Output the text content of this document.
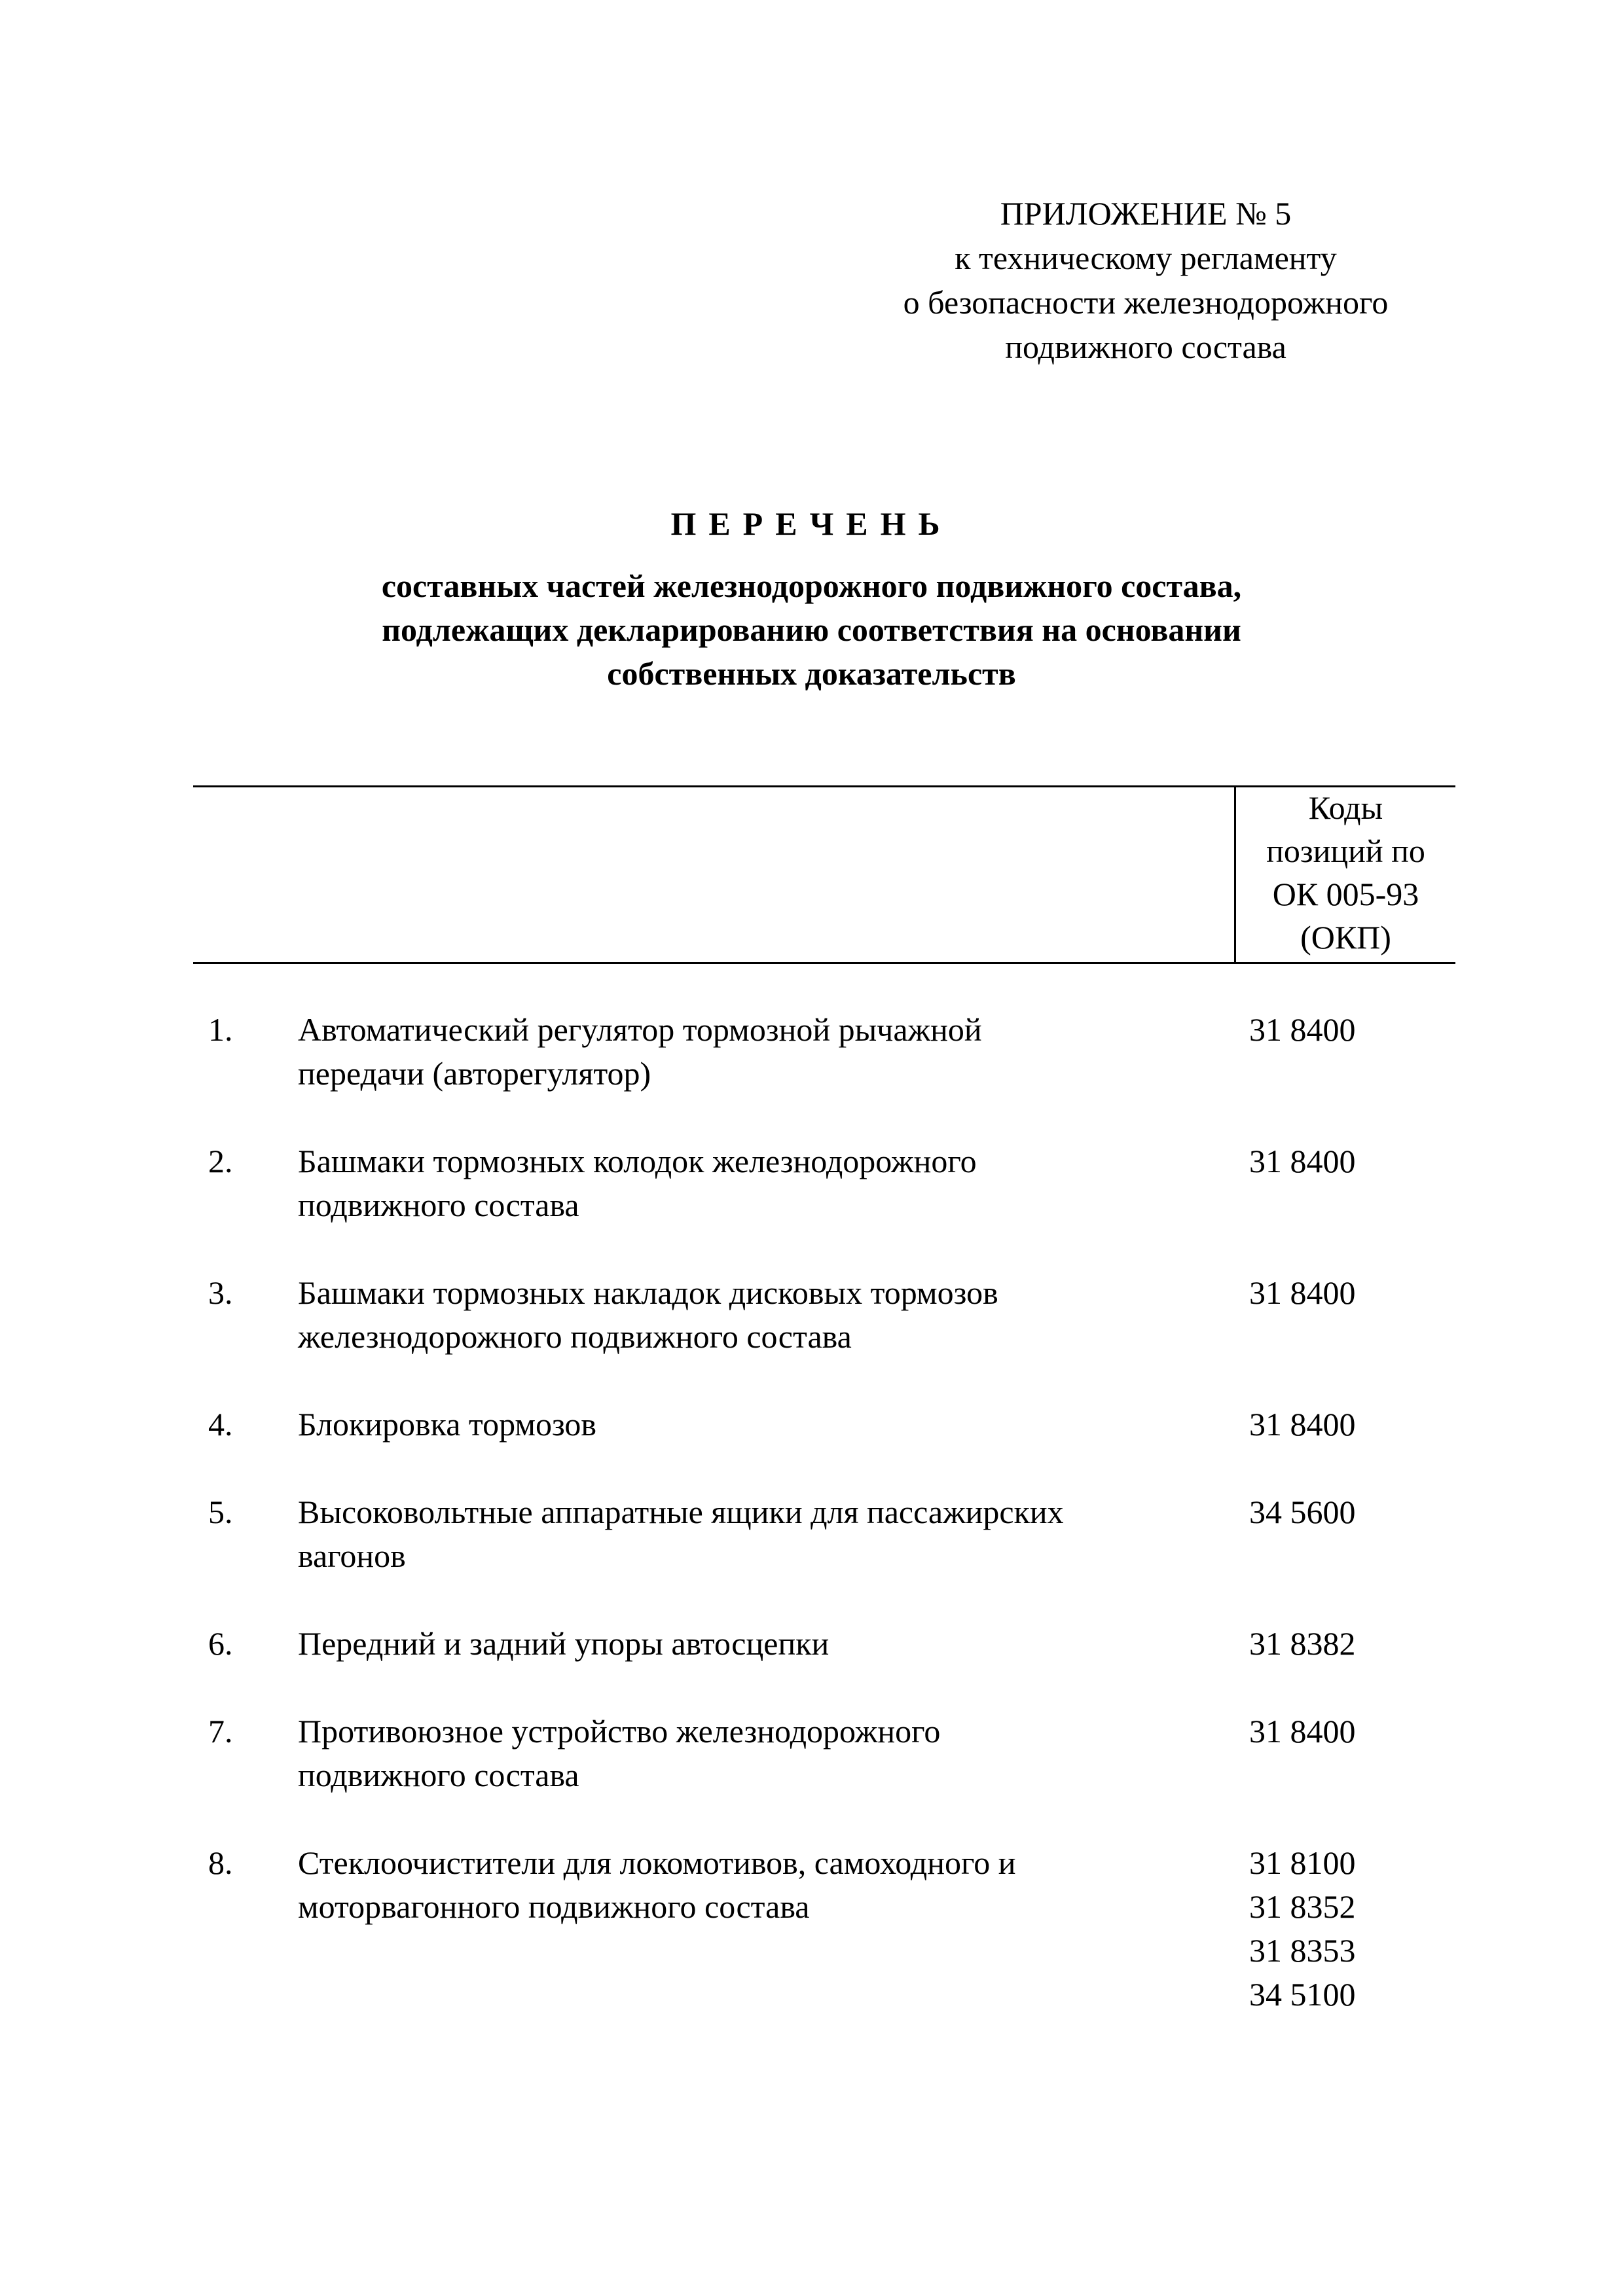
ПРИЛОЖЕНИЕ № 5
к техническому регламенту
о безопасности железнодорожного
подвижного состава
ПЕРЕЧЕНЬ
составных частей железнодорожного подвижного состава,
подлежащих декларированию соответствия на основании
собственных доказательств
Коды
позиций по
ОК 005-93
(ОКП)
1. Автоматический регулятор тормозной рычажной
передачи (авторегулятор)
31 8400
2. Башмаки тормозных колодок железнодорожного
подвижного состава
31 8400
3. Башмаки тормозных накладок дисковых тормозов
железнодорожного подвижного состава
31 8400
4. Блокировка тормозов	31 8400
5. Высоковольтные аппаратные ящики для пассажирских
вагонов
34 5600
6. Передний и задний упоры автосцепки	31 8382
7. Противоюзное устройство железнодорожного
подвижного состава
31 8400
8. Стеклоочистители для локомотивов, самоходного и
моторвагонного подвижного состава
31 8100
31 8352
31 8353
34 5100
